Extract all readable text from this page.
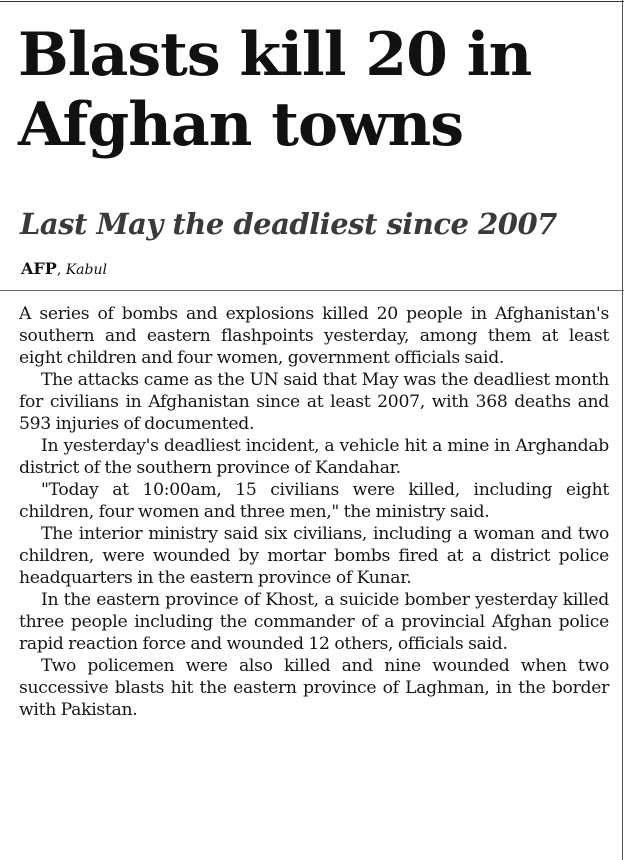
Blasts kill 20 in Afghan towns
Last May the deadliest since 2007
AFP, Kabul

A series of bombs and explosions killed 20 people in Afghanistan's southern and eastern flashpoints yesterday, among them at least eight children and four women, government officials said.

The attacks came as the UN said that May was the deadliest month for civilians in Afghanistan since at least 2007, with 368 deaths and 593 injuries of documented.

In yesterday's deadliest incident, a vehicle hit a mine in Arghandab district of the southern province of Kandahar.

"Today at 10:00am, 15 civilians were killed, including eight children, four women and three men," the ministry said.

The interior ministry said six civilians, including a woman and two children, were wounded by mortar bombs fired at a district police headquarters in the eastern province of Kunar.

In the eastern province of Khost, a suicide bomber yesterday killed three people including the commander of a provincial Afghan police rapid reaction force and wounded 12 others, officials said.

Two policemen were also killed and nine wounded when two successive blasts hit the eastern province of Laghman, in the border with Pakistan.
